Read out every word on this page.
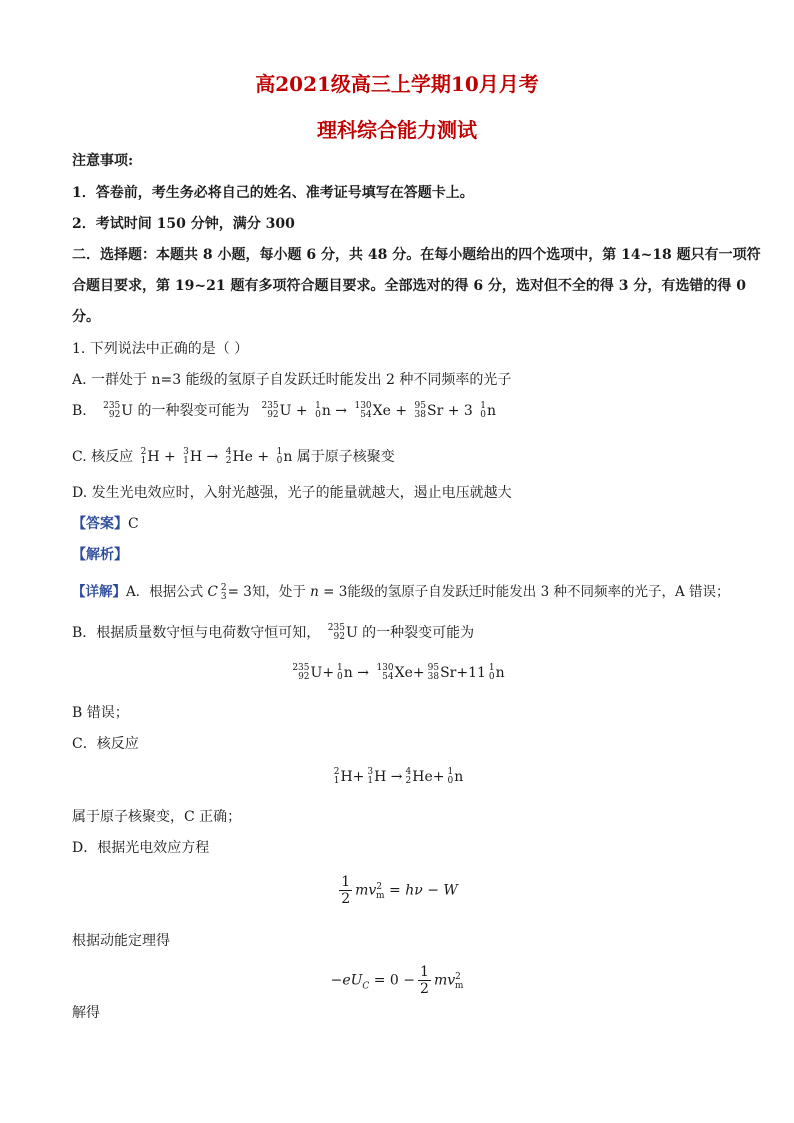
高2021级高三上学期10月月考
理科综合能力测试
注意事项:
1．答卷前，考生务必将自己的姓名、准考证号填写在答题卡上。
2．考试时间 150 分钟，满分 300
二．选择题：本题共 8 小题，每小题 6 分，共 48 分。在每小题给出的四个选项中，第 14~18 题只有一项符
合题目要求，第 19~21 题有多项符合题目要求。全部选对的得 6 分，选对但不全的得 3 分，有选错的得 0
分。
1. 下列说法中正确的是（ ）
A. 一群处于 n=3 能级的氢原子自发跃迁时能发出 2 种不同频率的光子
B. 235
92 U 的一种裂变可能为 235
92 U + 1
0 n → 130
54 Xe + 95
38 Sr + 3 1
0 n
C. 核反应 2
1 H + 3
1 H → 4
2 He + 1
0 n 属于原子核聚变
D. 发生光电效应时，入射光越强，光子的能量就越大，遏止电压就越大
【答案】C
【解析】
【详解】A．根据公式 C 2
3 = 3知，处于 n = 3能级的氢原子自发跃迁时能发出 3 种不同频率的光子，A 错误；
B．根据质量数守恒与电荷数守恒可知， 235
92 U 的一种裂变可能为
235
92 U+ 1
0 n → 130
54 Xe+ 95
38 Sr+11 1
0 n
B 错误；
C．核反应
2
1 H+ 3
1 H → 4
2 He+ 1
0 n
属于原子核聚变，C 正确；
D．根据光电效应方程
$\frac{1}{2} mv^2_m = h\nu - W$
根据动能定理得
$-eU_C = 0 - \frac{1}{2} mv^2_m$
解得
